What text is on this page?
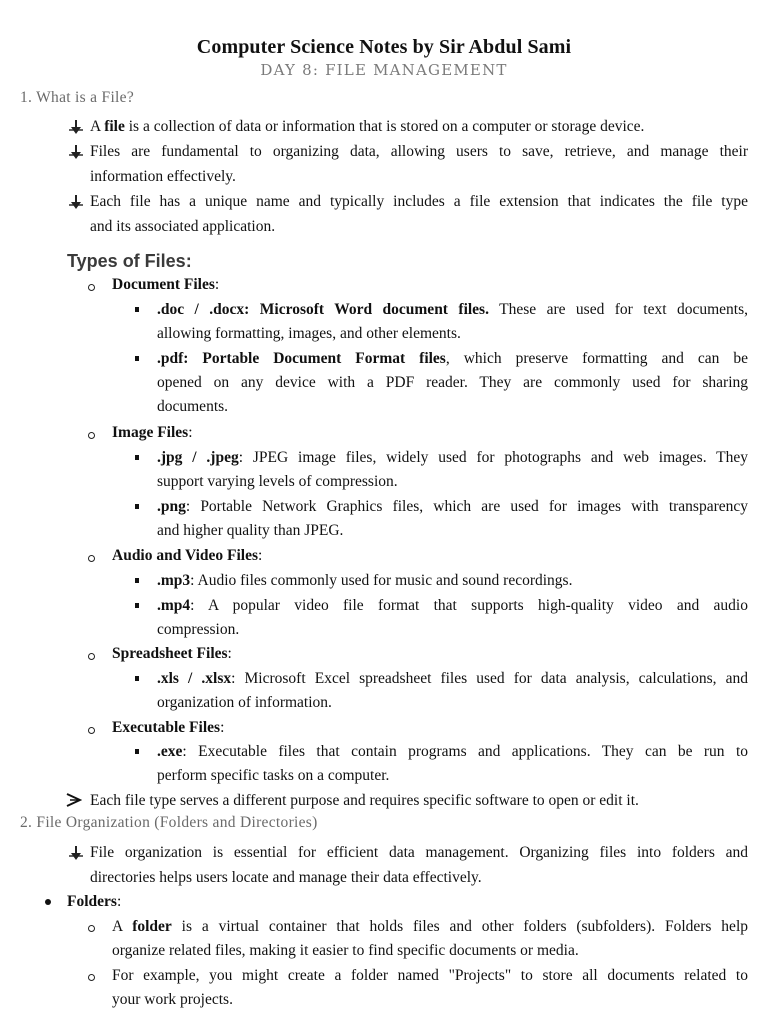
Computer Science Notes by Sir Abdul Sami
DAY 8: FILE MANAGEMENT
1. What is a File?
A file is a collection of data or information that is stored on a computer or storage device.
Files are fundamental to organizing data, allowing users to save, retrieve, and manage their
information effectively.
Each file has a unique name and typically includes a file extension that indicates the file type
and its associated application.
Types of Files:
Document Files:
.doc / .docx: Microsoft Word document files. These are used for text documents,
allowing formatting, images, and other elements.
.pdf: Portable Document Format files, which preserve formatting and can be
opened on any device with a PDF reader. They are commonly used for sharing
documents.
Image Files:
.jpg / .jpeg: JPEG image files, widely used for photographs and web images. They
support varying levels of compression.
.png: Portable Network Graphics files, which are used for images with transparency
and higher quality than JPEG.
Audio and Video Files:
.mp3: Audio files commonly used for music and sound recordings.
.mp4: A popular video file format that supports high-quality video and audio
compression.
Spreadsheet Files:
.xls / .xlsx: Microsoft Excel spreadsheet files used for data analysis, calculations, and
organization of information.
Executable Files:
.exe: Executable files that contain programs and applications. They can be run to
perform specific tasks on a computer.
Each file type serves a different purpose and requires specific software to open or edit it.
2. File Organization (Folders and Directories)
File organization is essential for efficient data management. Organizing files into folders and
directories helps users locate and manage their data effectively.
Folders:
A folder is a virtual container that holds files and other folders (subfolders). Folders help
organize related files, making it easier to find specific documents or media.
For example, you might create a folder named "Projects" to store all documents related to
your work projects.
